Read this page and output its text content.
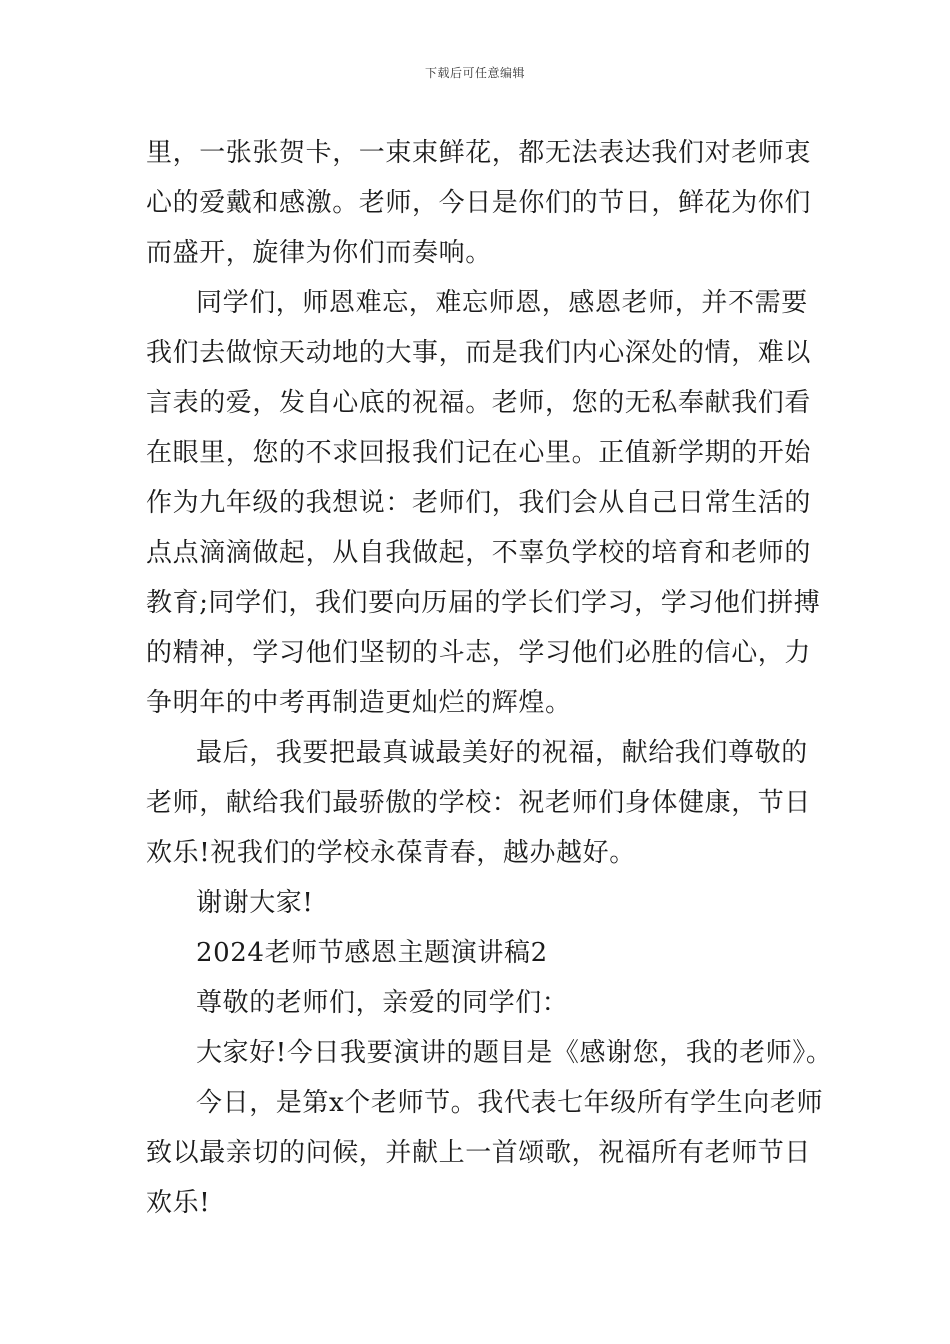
下载后可任意编辑
里，一张张贺卡，一束束鲜花，都无法表达我们对老师衷
心的爱戴和感激。老师，今日是你们的节日，鲜花为你们
而盛开，旋律为你们而奏响。
同学们，师恩难忘，难忘师恩，感恩老师，并不需要
我们去做惊天动地的大事，而是我们内心深处的情，难以
言表的爱，发自心底的祝福。老师，您的无私奉献我们看
在眼里，您的不求回报我们记在心里。正值新学期的开始
作为九年级的我想说：老师们，我们会从自己日常生活的
点点滴滴做起，从自我做起，不辜负学校的培育和老师的
教育;同学们，我们要向历届的学长们学习，学习他们拼搏
的精神，学习他们坚韧的斗志，学习他们必胜的信心，力
争明年的中考再制造更灿烂的辉煌。
最后，我要把最真诚最美好的祝福，献给我们尊敬的
老师，献给我们最骄傲的学校：祝老师们身体健康，节日
欢乐!祝我们的学校永葆青春，越办越好。
谢谢大家!
2024老师节感恩主题演讲稿2
尊敬的老师们，亲爱的同学们：
大家好!今日我要演讲的题目是《感谢您，我的老师》。
今日，是第x个老师节。我代表七年级所有学生向老师
致以最亲切的问候，并献上一首颂歌，祝福所有老师节日
欢乐!
